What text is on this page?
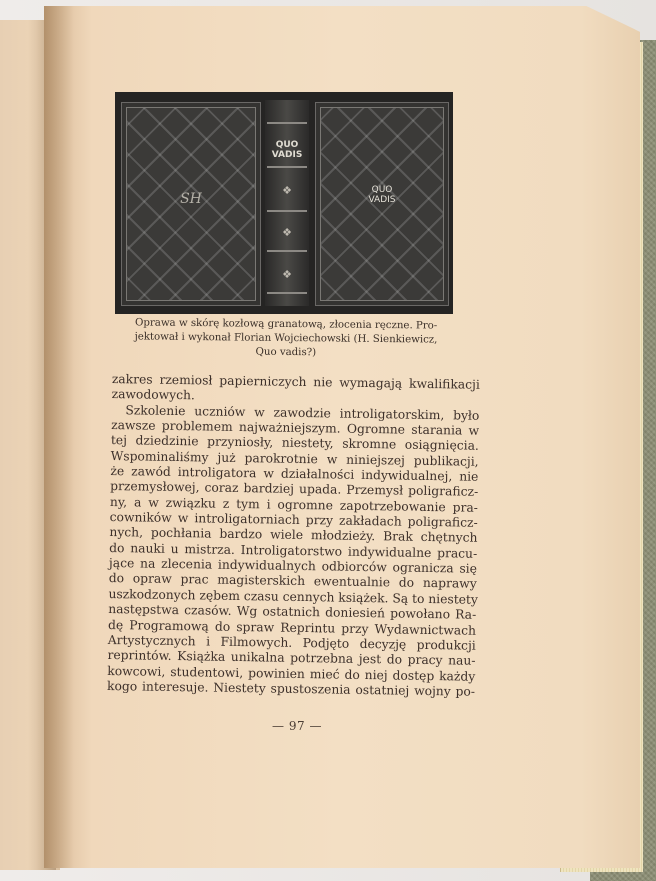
SH
QUO
VADIS
❖
❖
❖
QUO
VADIS
Oprawa w skórę kozłową granatową, złocenia ręczne. Pro-
jektował i wykonał Florian Wojciechowski (H. Sienkiewicz,
Quo vadis?)
zakres rzemiosł papierniczych nie wymagają kwalifikacji
zawodowych.
Szkolenie uczniów w zawodzie introligatorskim, było
zawsze problemem najważniejszym. Ogromne starania w
tej dziedzinie przyniosły, niestety, skromne osiągnięcia.
Wspominaliśmy już parokrotnie w niniejszej publikacji,
że zawód introligatora w działalności indywidualnej, nie
przemysłowej, coraz bardziej upada. Przemysł poligraficz-
ny, a w związku z tym i ogromne zapotrzebowanie pra-
cowników w introligatorniach przy zakładach poligraficz-
nych, pochłania bardzo wiele młodzieży. Brak chętnych
do nauki u mistrza. Introligatorstwo indywidualne pracu-
jące na zlecenia indywidualnych odbiorców ogranicza się
do opraw prac magisterskich ewentualnie do naprawy
uszkodzonych zębem czasu cennych książek. Są to niestety
następstwa czasów. Wg ostatnich doniesień powołano Ra-
dę Programową do spraw Reprintu przy Wydawnictwach
Artystycznych i Filmowych. Podjęto decyzję produkcji
reprintów. Książka unikalna potrzebna jest do pracy nau-
kowcowi, studentowi, powinien mieć do niej dostęp każdy
kogo interesuje. Niestety spustoszenia ostatniej wojny po-
— 97 —
